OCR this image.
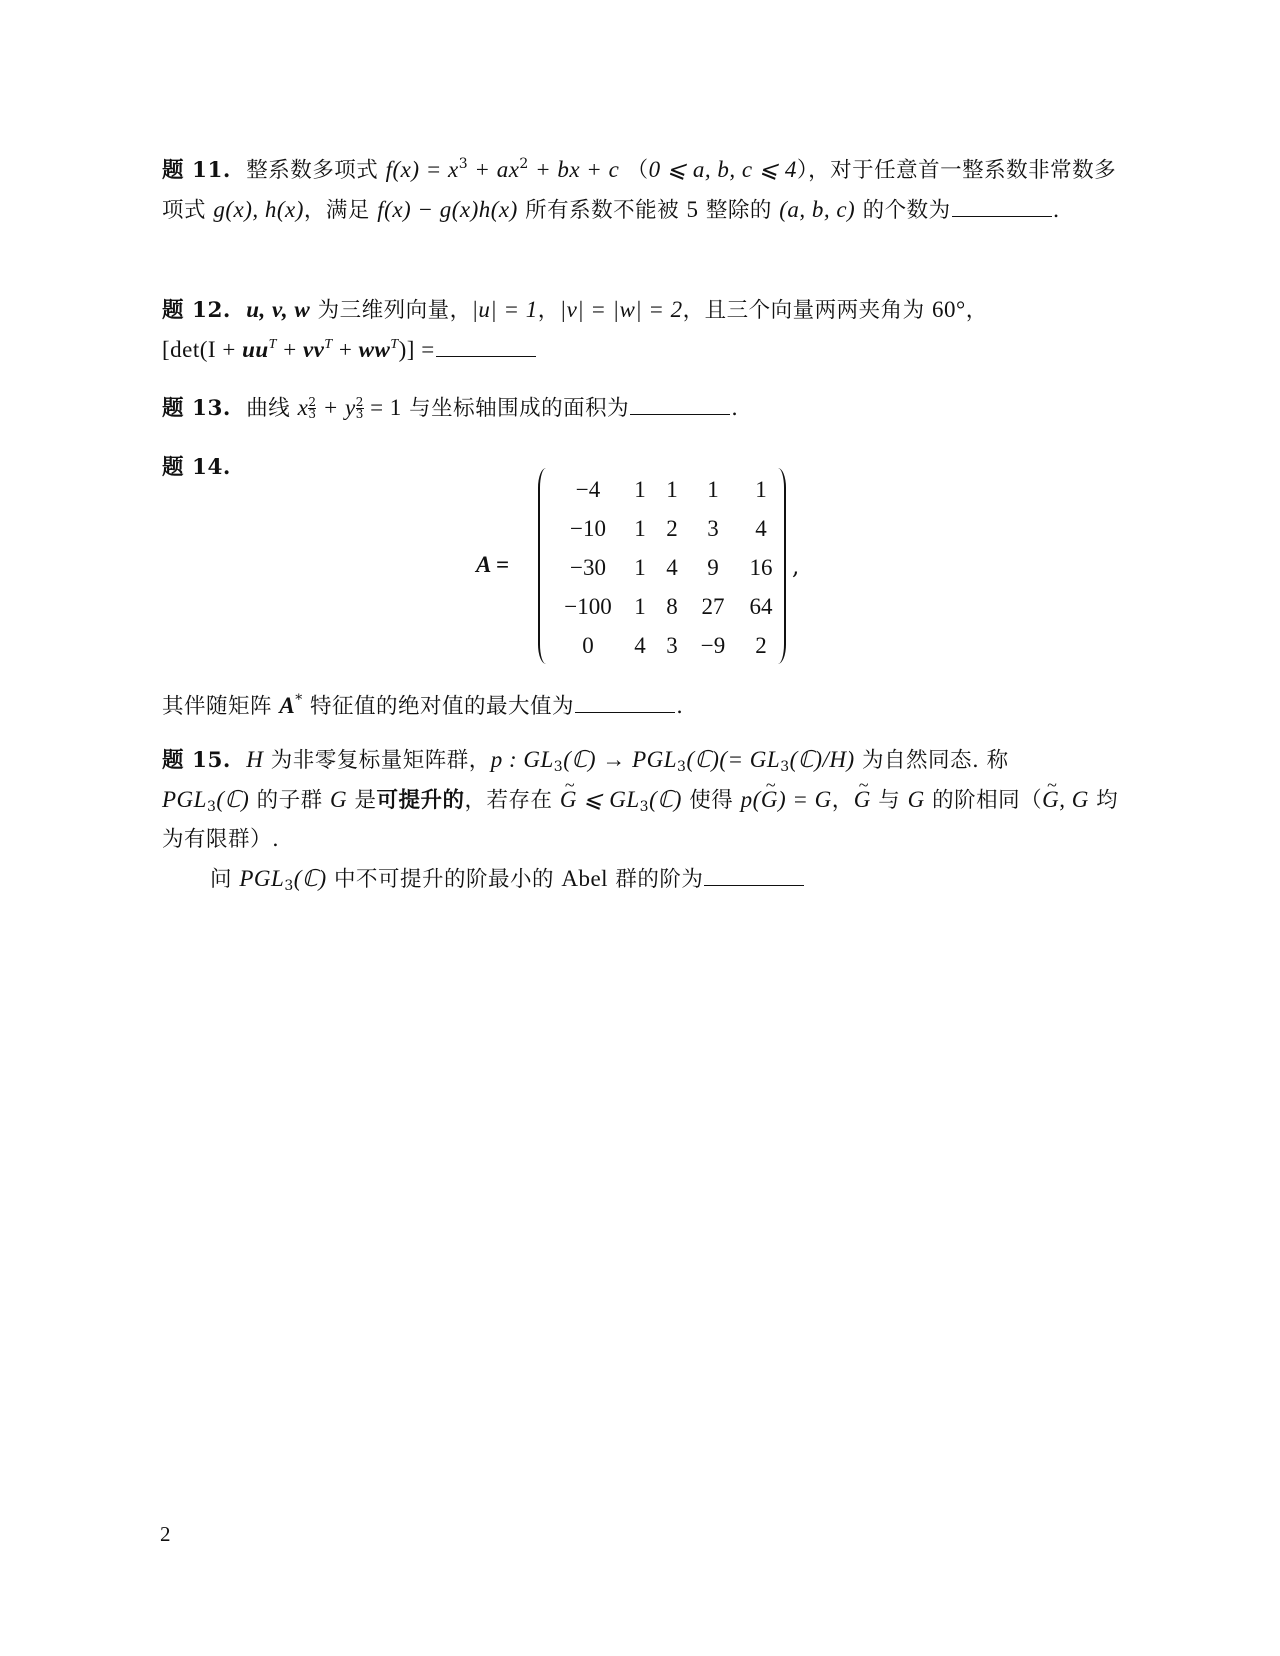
题 11. 整系数多项式 $f(x) = x^3 + ax^2$ + bx + c （0 ⩽ a, b, c ⩽ 4），对于任意首一整系数非常数多项式 g(x), h(x)，满足 f(x) − g(x)h(x) 所有系数不能被 5 整除的 (a, b, c) 的个数为	.
题 12. u, v, w 为三维列向量，|u| = 1，|v| = |w| = 2，且三个向量两两夹角为 60°，
$[\det(I + uu^T + vv^T + ww^T)]$ =
题 13. 曲线 x $^{\frac{2}{3}}$ + y $^{\frac{2}{3}}$ = 1 与坐标轴围成的面积为	.
题 14.
A =
−4	1	1	1	1
−10	1	2	3	4
−30	1	4	9	16
−100	1	8	27	64
0	4	3	−9	2
,
其伴随矩阵 A* 特征值的绝对值的最大值为	.
题 15. H 为非零复标量矩阵群，p : $GL_3(ℂ)$ → $PGL_3(ℂ)(=$ $GL_3(ℂ)/H$) 为自然同态. 称
$PGL_3(ℂ)$ 的子群 G 是可提升的，若存在 ~ G ⩽ $GL_3(ℂ)$ 使得 p(~ G) = G，~ G 与 G 的阶相同（~ G, G 均为有限群）.
问 $PGL_3(ℂ)$ 中不可提升的阶最小的 Abel 群的阶为
2
